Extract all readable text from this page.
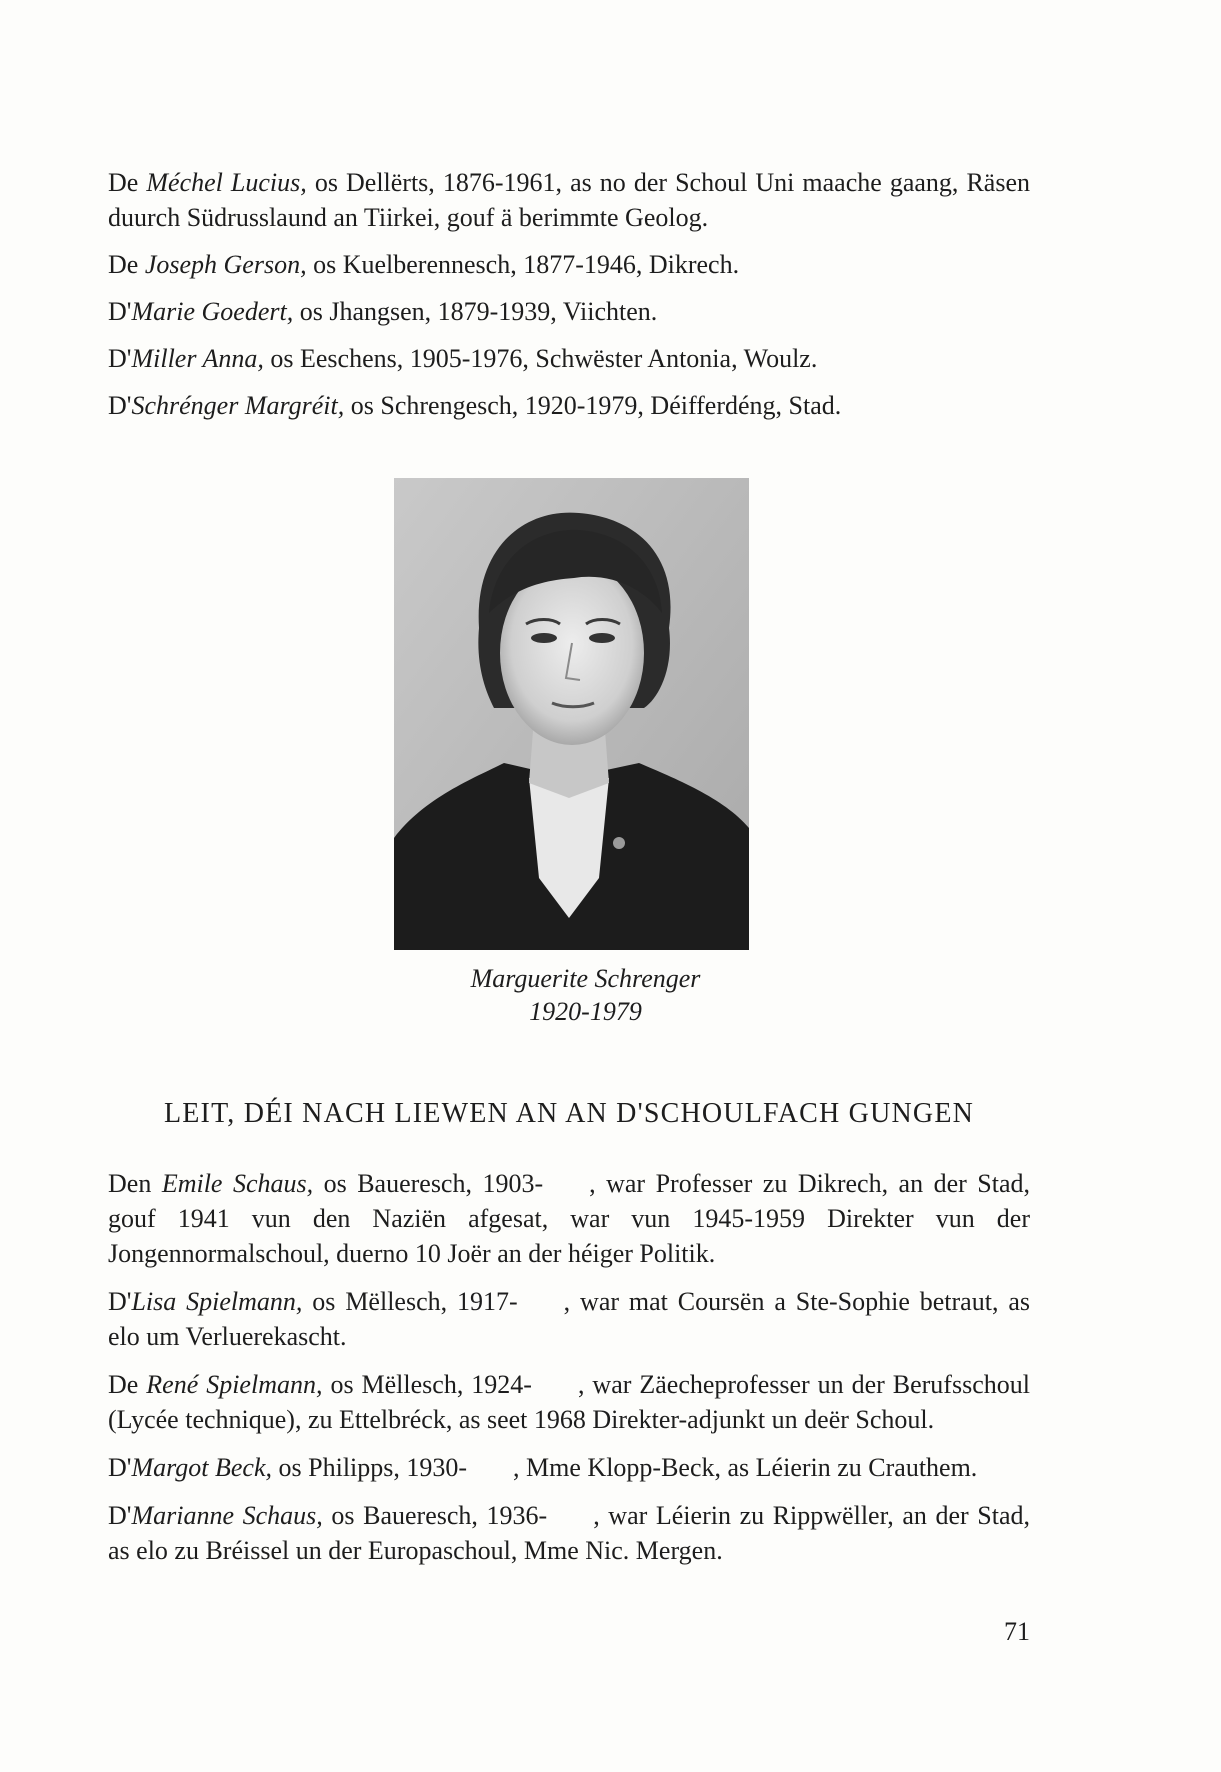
De Méchel Lucius, os Dellërts, 1876-1961, as no der Schoul Uni maache gaang, Räsen duurch Südrusslaund an Tiirkei, gouf ä berimmte Geolog.

De Joseph Gerson, os Kuelberennesch, 1877-1946, Dikrech.

D'Marie Goedert, os Jhangsen, 1879-1939, Viichten.

D'Miller Anna, os Eeschens, 1905-1976, Schwëster Antonia, Woulz.

D'Schrénger Margréit, os Schrengesch, 1920-1979, Déifferdéng, Stad.

Marguerite Schrenger
1920-1979
LEIT, DÉI NACH LIEWEN AN AN D'SCHOULFACH GUNGEN

Den Emile Schaus, os Baueresch, 1903- , war Professer zu Dikrech, an der Stad, gouf 1941 vun den Naziën afgesat, war vun 1945-1959 Direkter vun der Jongennormalschoul, duerno 10 Joër an der héiger Politik.

D'Lisa Spielmann, os Mëllesch, 1917- , war mat Coursën a Ste-Sophie betraut, as elo um Verluerekascht.

De René Spielmann, os Mëllesch, 1924- , war Zäecheprofesser un der Berufsschoul (Lycée technique), zu Ettelbréck, as seet 1968 Direkter-adjunkt un deër Schoul.

D'Margot Beck, os Philipps, 1930- , Mme Klopp-Beck, as Léierin zu Crauthem.

D'Marianne Schaus, os Baueresch, 1936- , war Léierin zu Rippwëller, an der Stad, as elo zu Bréissel un der Europaschoul, Mme Nic. Mergen.

71
